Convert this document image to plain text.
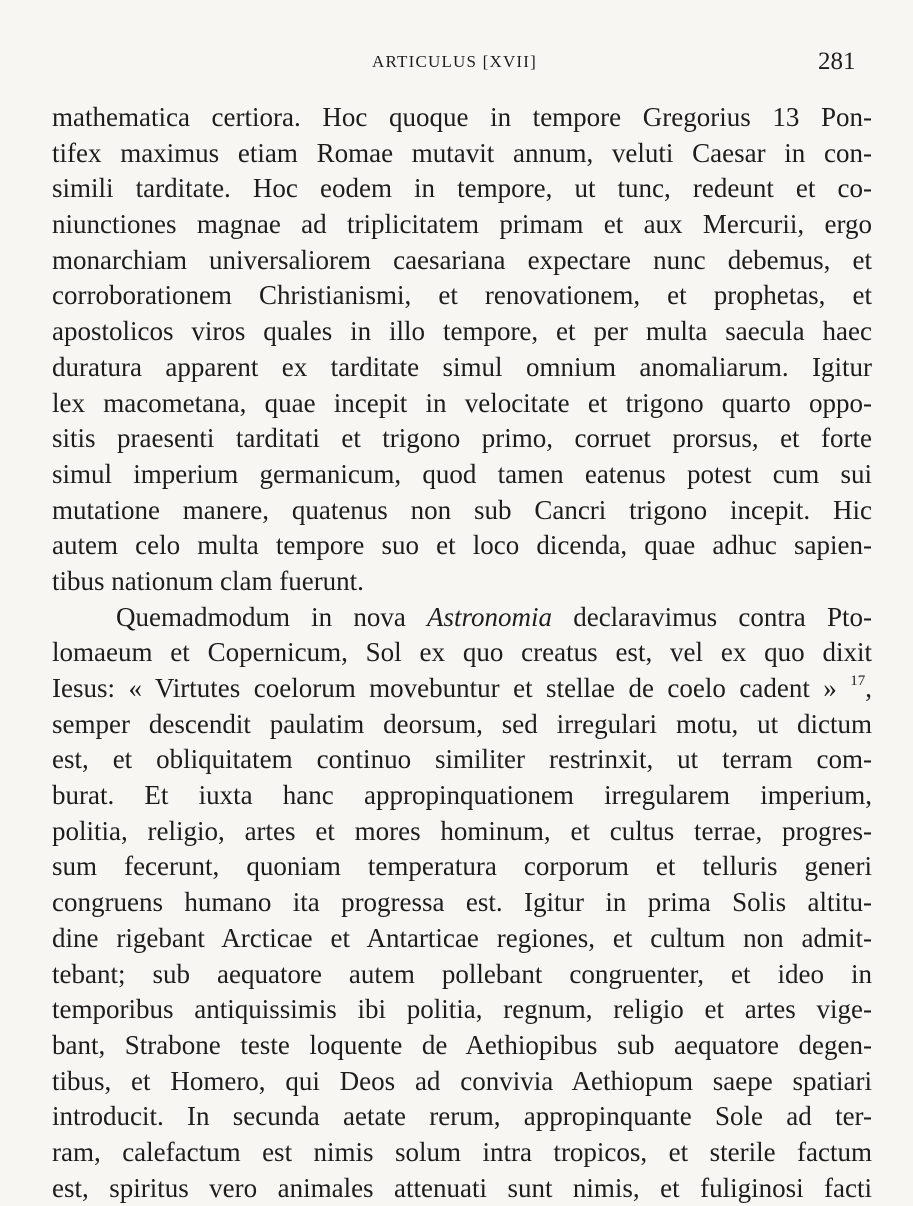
ARTICULUS [XVII]	281
mathematica certiora. Hoc quoque in tempore Gregorius 13 Pon-
tifex maximus etiam Romae mutavit annum, veluti Caesar in con-
simili tarditate. Hoc eodem in tempore, ut tunc, redeunt et co-
niunctiones magnae ad triplicitatem primam et aux Mercurii, ergo
monarchiam universaliorem caesariana expectare nunc debemus, et
corroborationem Christianismi, et renovationem, et prophetas, et
apostolicos viros quales in illo tempore, et per multa saecula haec
duratura apparent ex tarditate simul omnium anomaliarum. Igitur
lex macometana, quae incepit in velocitate et trigono quarto oppo-
sitis praesenti tarditati et trigono primo, corruet prorsus, et forte
simul imperium germanicum, quod tamen eatenus potest cum sui
mutatione manere, quatenus non sub Cancri trigono incepit. Hic
autem celo multa tempore suo et loco dicenda, quae adhuc sapien-
tibus nationum clam fuerunt.
Quemadmodum in nova Astronomia declaravimus contra Pto-
lomaeum et Copernicum, Sol ex quo creatus est, vel ex quo dixit
Iesus: « Virtutes coelorum movebuntur et stellae de coelo cadent » $^{17}$,
semper descendit paulatim deorsum, sed irregulari motu, ut dictum
est, et obliquitatem continuo similiter restrinxit, ut terram com-
burat. Et iuxta hanc appropinquationem irregularem imperium,
politia, religio, artes et mores hominum, et cultus terrae, progres-
sum fecerunt, quoniam temperatura corporum et telluris generi
congruens humano ita progressa est. Igitur in prima Solis altitu-
dine rigebant Arcticae et Antarticae regiones, et cultum non admit-
tebant; sub aequatore autem pollebant congruenter, et ideo in
temporibus antiquissimis ibi politia, regnum, religio et artes vige-
bant, Strabone teste loquente de Aethiopibus sub aequatore degen-
tibus, et Homero, qui Deos ad convivia Aethiopum saepe spatiari
introducit. In secunda aetate rerum, appropinquante Sole ad ter-
ram, calefactum est nimis solum intra tropicos, et sterile factum
est, spiritus vero animales attenuati sunt nimis, et fuliginosi facti
